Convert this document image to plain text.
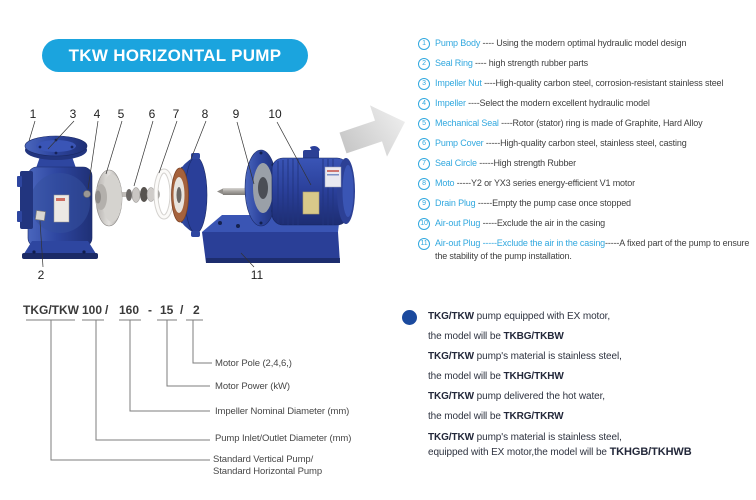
TKW HORIZONTAL PUMP
1	3 4 5 6 7 8 9 10
2	11
1	Pump Body ---- Using the modern optimal hydraulic model design
2	Seal Ring ---- high strength rubber parts
3	Impeller Nut ----High-quality carbon steel, corrosion-resistant stainless steel
4	Impeller ----Select the modern excellent hydraulic model
5	Mechanical Seal ----Rotor (stator) ring is made of Graphite, Hard Alloy
6	Pump Cover -----High-quality carbon steel, stainless steel, casting
7	Seal Circle -----High strength Rubber
8	Moto -----Y2 or YX3 series energy-efficient V1 motor
9	Drain Plug -----Empty the pump case once stopped
10 Air-out Plug -----Exclude the air in the casing
11 Air-out Plug -----Exclude the air in the casing-----A fixed part of the pump to ensure the stability of the pump installation.
TKG/TKW 100 / 160 - 15 / 2
Motor Pole (2,4,6,)
Motor Power (kW)
Impeller Nominal Diameter (mm)
Pump Inlet/Outlet Diameter (mm)
Standard Vertical Pump/
Standard Horizontal Pump
TKG/TKW pump equipped with EX motor,
the model will be TKBG/TKBW
TKG/TKW pump's material is stainless steel,
the model will be TKHG/TKHW
TKG/TKW pump delivered the hot water,
the model will be TKRG/TKRW
TKG/TKW pump's material is stainless steel,
equipped with EX motor,the model will be TKHGB/TKHWB
